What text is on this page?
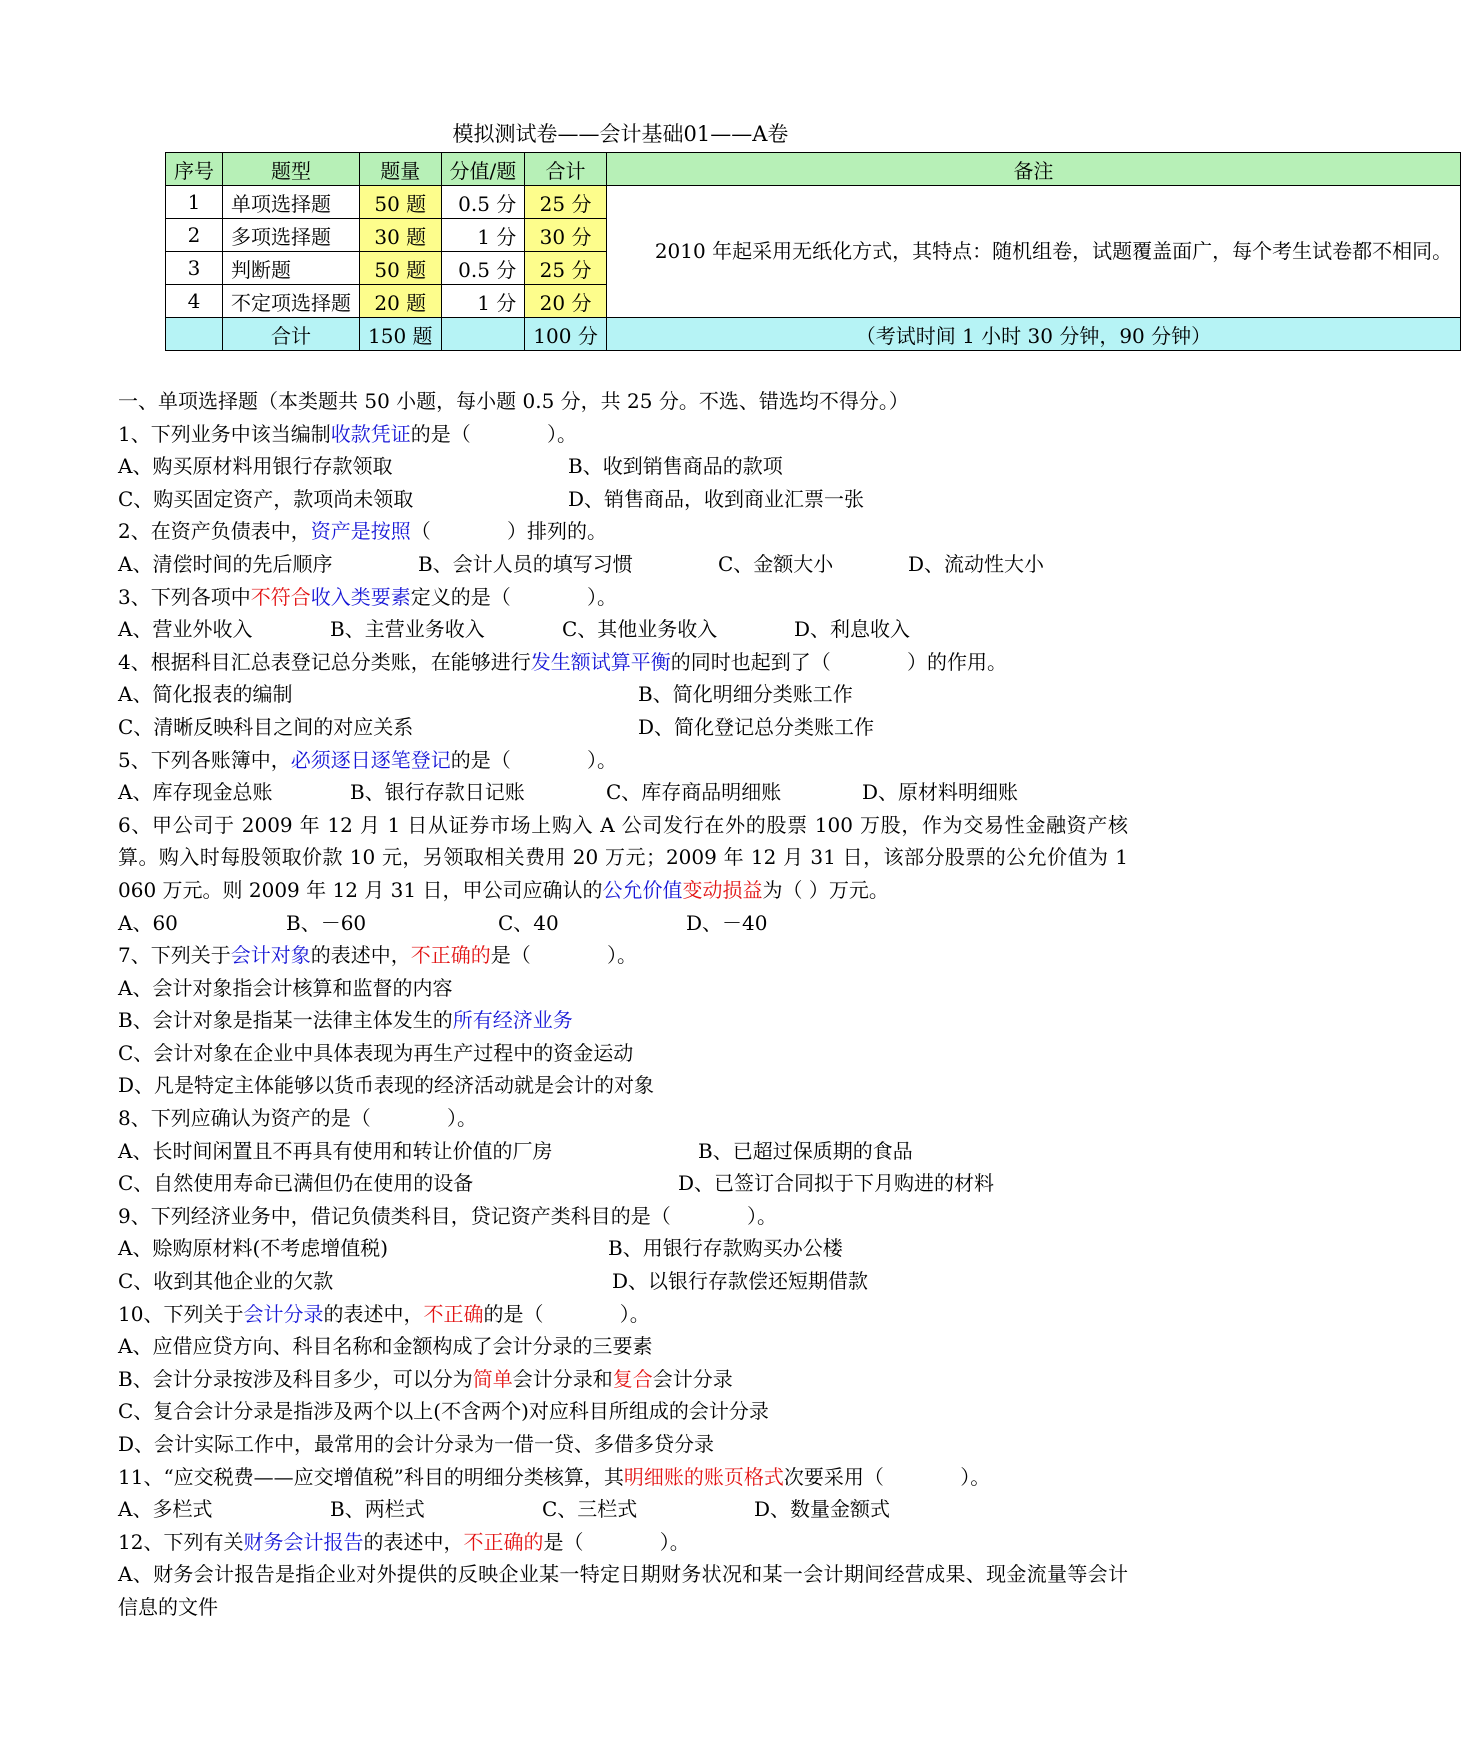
模拟测试卷——会计基础01——A卷
序号	题型	题量	分值/题	合计	备注
1	单项选择题	50 题	0.5 分	25 分	2010 年起采用无纸化方式，其特点：随机组卷，试题覆盖面广，每个考生试卷都不相同。

2	多项选择题	30 题	1 分	30 分	
3	判断题	50 题	0.5 分	25 分	
4	不定项选择题	20 题	1 分	20 分	
	合计	150 题		100 分	（考试时间 1 小时 30 分钟，90 分钟）
一、单项选择题（本类题共 50 小题，每小题 0.5 分，共 25 分。不选、错选均不得分。）
1、下列业务中该当编制收款凭证的是（            ）。
A、购买原材料用银行存款领取	B、收到销售商品的款项
C、购买固定资产，款项尚未领取	D、销售商品，收到商业汇票一张
2、在资产负债表中，资产是按照（            ）排列的。
A、清偿时间的先后顺序	B、会计人员的填写习惯	C、金额大小	D、流动性大小
3、下列各项中不符合收入类要素定义的是（            ）。
A、营业外收入	B、主营业务收入	C、其他业务收入	D、利息收入
4、根据科目汇总表登记总分类账，在能够进行发生额试算平衡的同时也起到了（            ）的作用。
A、简化报表的编制	B、简化明细分类账工作
C、清晰反映科目之间的对应关系	D、简化登记总分类账工作
5、下列各账簿中，必须逐日逐笔登记的是（            ）。
A、库存现金总账	B、银行存款日记账	C、库存商品明细账	D、原材料明细账
6、甲公司于 2009 年 12 月 1 日从证券市场上购入 A 公司发行在外的股票 100 万股，作为交易性金融资产核算。购入时每股领取价款 10 元，另领取相关费用 20 万元；2009 年 12 月 31 日，该部分股票的公允价值为 1 060 万元。则 2009 年 12 月 31 日，甲公司应确认的公允价值变动损益为（ ）万元。
A、60	B、－60	C、40	D、－40
7、下列关于会计对象的表述中，不正确的是（            ）。
A、会计对象指会计核算和监督的内容
B、会计对象是指某一法律主体发生的所有经济业务
C、会计对象在企业中具体表现为再生产过程中的资金运动
D、凡是特定主体能够以货币表现的经济活动就是会计的对象
8、下列应确认为资产的是（            ）。
A、长时间闲置且不再具有使用和转让价值的厂房	B、已超过保质期的食品
C、自然使用寿命已满但仍在使用的设备	D、已签订合同拟于下月购进的材料
9、下列经济业务中，借记负债类科目，贷记资产类科目的是（            ）。
A、赊购原材料(不考虑增值税)	B、用银行存款购买办公楼
C、收到其他企业的欠款	D、以银行存款偿还短期借款
10、下列关于会计分录的表述中，不正确的是（            ）。
A、应借应贷方向、科目名称和金额构成了会计分录的三要素
B、会计分录按涉及科目多少，可以分为简单会计分录和复合会计分录
C、复合会计分录是指涉及两个以上(不含两个)对应科目所组成的会计分录
D、会计实际工作中，最常用的会计分录为一借一贷、多借多贷分录
11、“应交税费——应交增值税”科目的明细分类核算，其明细账的账页格式次要采用（            ）。
A、多栏式	B、两栏式	C、三栏式	D、数量金额式
12、下列有关财务会计报告的表述中，不正确的是（            ）。
A、财务会计报告是指企业对外提供的反映企业某一特定日期财务状况和某一会计期间经营成果、现金流量等会计信息的文件
